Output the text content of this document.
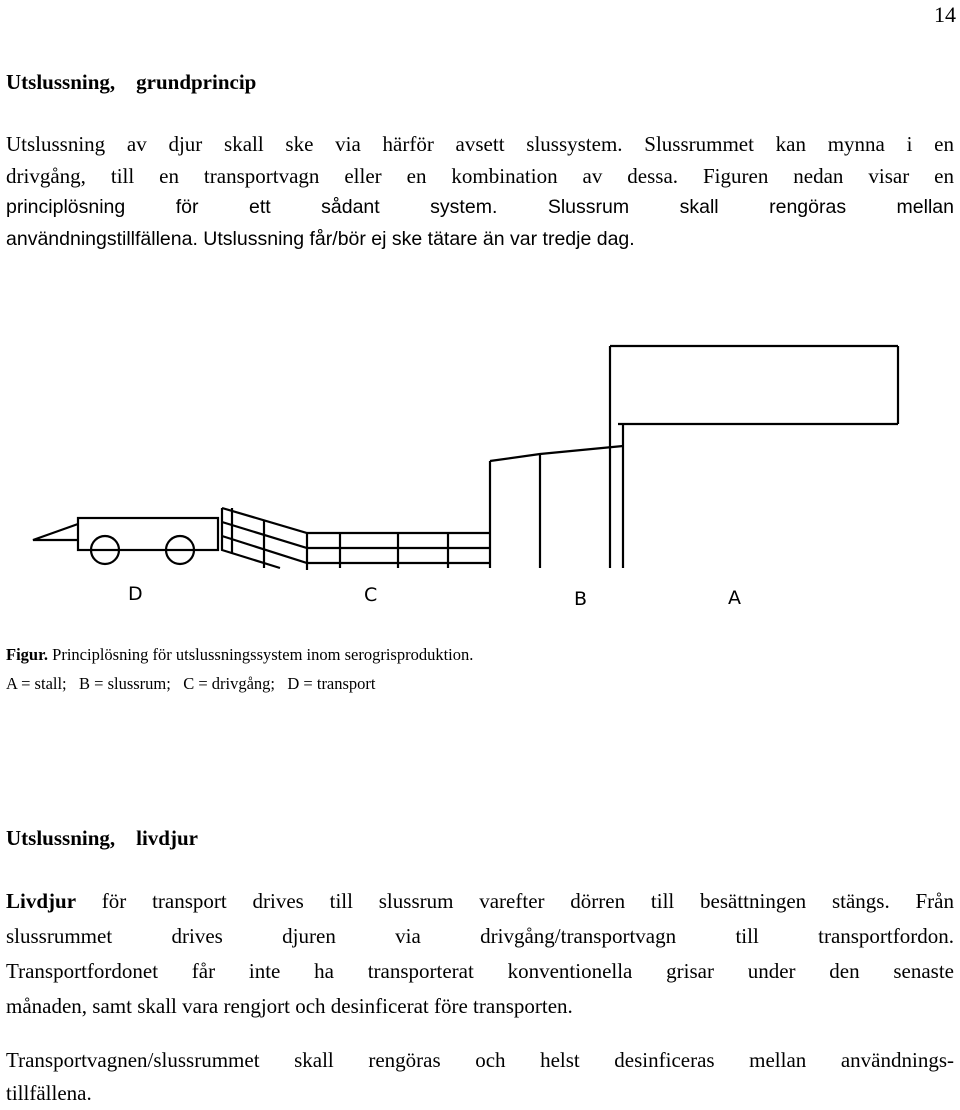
14
Utslussning, grundprincip

Utslussning av djur skall ske via härför avsett slussystem. Slussrummet kan mynna i en
drivgång, till en transportvagn eller en kombination av dessa. Figuren nedan visar en
principlösning för ett sådant system. Slussrum skall rengöras mellan
användningstillfällena. Utslussning får/bör ej ske tätare än var tredje dag.

D	C	B	A

Figur. Principlösning för utslussningssystem inom serogrisproduktion.

A = stall;   B = slussrum;   C = drivgång;   D = transport

Utslussning, livdjur

Livdjur för transport drives till slussrum varefter dörren till besättningen stängs. Från
slussrummet drives djuren via drivgång/transportvagn till transportfordon.
Transportfordonet får inte ha transporterat konventionella grisar under den senaste
månaden, samt skall vara rengjort och desinficerat före transporten.

Transportvagnen/slussrummet skall rengöras och helst desinficeras mellan användnings-
tillfällena.
